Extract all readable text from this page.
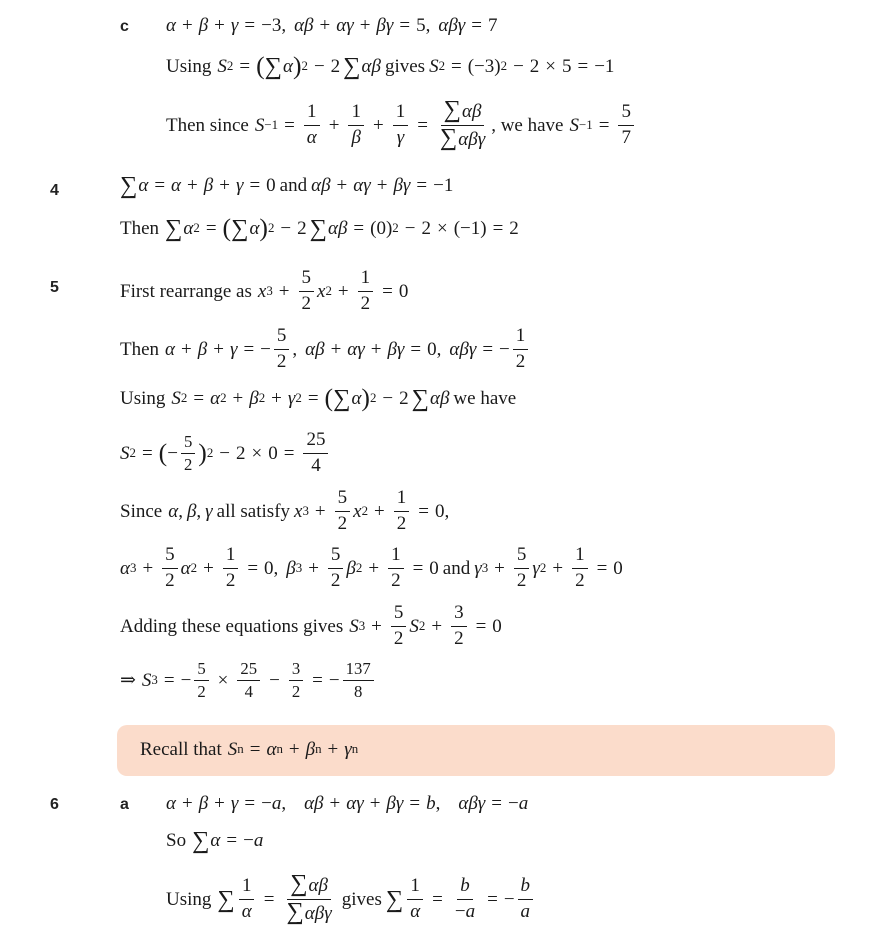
c α + β + γ = −3, αβ + αγ + βγ = 5, αβγ = 7
Using S 2 = ( ∑ α ) 2 − 2 ∑ αβ gives S 2 = (−3) 2 − 2 × 5 = −1
Then since $S -1 = \frac{1}{\alpha} + \frac{1}{\beta} + \frac{1}{\gamma} = \frac{\sum\alpha\beta}{\text{∑αβγ}}$ , we have $S -1 = \frac{5}{7}$
4	∑ α = α + β + γ = 0 and αβ + αγ + βγ = −1
Then ∑ α 2 = ( ∑ α ) 2 − 2 ∑ αβ = (0) 2 − 2 × (−1) = 2
5	First rearrange as x $3 + \frac{5}{2}$ x $2 + \frac{1}{2} = 0$
Then α + β + γ = − $\frac{5}{2}$ , αβ + αγ + βγ = 0, αβγ = − $\frac{1}{2}$
Using S 2 = α 2 + β 2 + γ 2 = ( ∑ α ) 2 − 2 ∑ αβ we have
S 2 = ( − $\frac{5}{2}$ ) $2 - 2 \times 0 = \frac{25}{4}$
Since α , β , γ all satisfy x $3 + \frac{5}{2}$ x $2 + \frac{1}{2} = 0$,
α $3 + \frac{5}{2}$ α $2 + \frac{1}{2} = 0$, β $3 + \frac{5}{2}$ β $2 + \frac{1}{2} = 0$ and γ $3 + \frac{5}{2}$ γ $2 + \frac{1}{2} = 0$
Adding these equations gives S $3 + \frac{5}{2}$ S $2 + \frac{3}{2} = 0$
⇒ S 3 = − $\frac{5}{2} \times \frac{25}{4} - \frac{3}{2}$ = − $\frac{137}{8}$
Recall that S n = α n + β n + γ n
6	a α + β + γ = − a , αβ + αγ + βγ = b , αβγ = − a
So ∑ α = − a
Using ∑ $\frac{1}{\alpha} = \frac{\sum\alpha\beta}{\text{∑αβγ}}$ gives ∑ $\frac{1}{\alpha} = \frac{b}{-a}$ = − $\frac{b}{a}$
